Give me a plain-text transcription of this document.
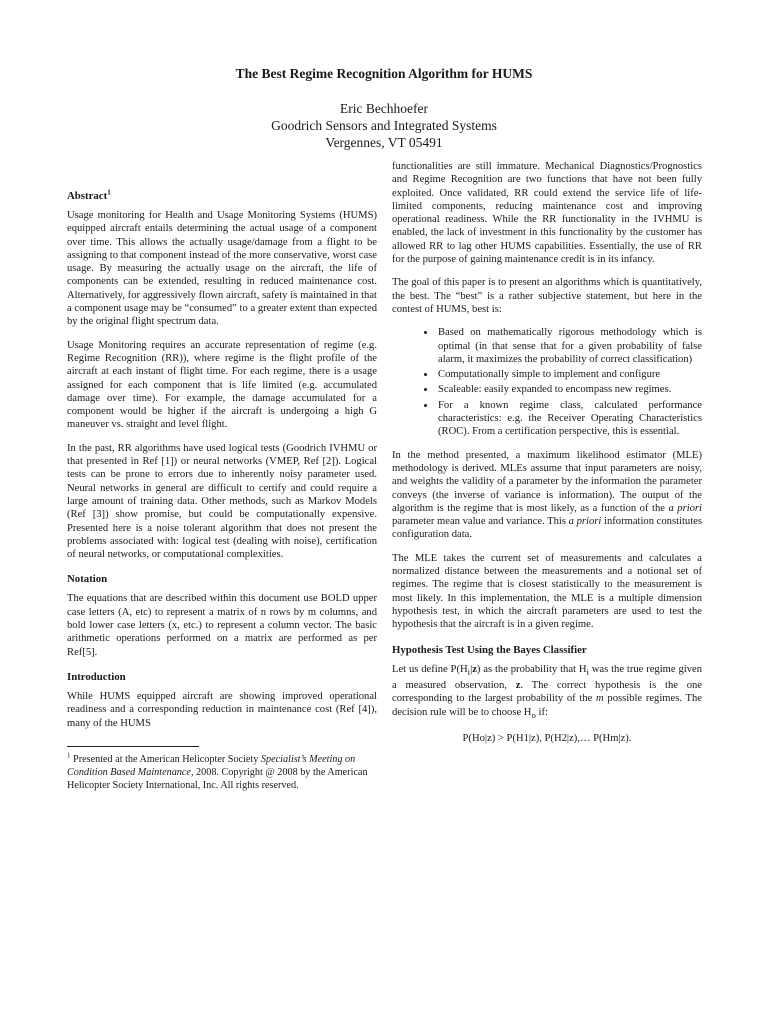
The Best Regime Recognition Algorithm for HUMS
Eric Bechhoefer
Goodrich Sensors and Integrated Systems
Vergennes, VT 05491
Abstract$^1$

Usage monitoring for Health and Usage Monitoring Systems (HUMS) equipped aircraft entails determining the actual usage of a component over time. This allows the actually usage/damage from a flight to be assigning to that component instead of the more conservative, worst case usage. By measuring the actually usage on the aircraft, the life of components can be extended, resulting in reduced maintenance cost. Alternatively, for aggressively flown aircraft, safety is maintained in that a component usage may be “consumed” to a greater extent than expected by the original flight spectrum data.

Usage Monitoring requires an accurate representation of regime (e.g. Regime Recognition (RR)), where regime is the flight profile of the aircraft at each instant of flight time. For each regime, there is a usage assigned for each component that is life limited (e.g. accumulated damage over time). For example, the damage accumulated for a component would be higher if the aircraft is undergoing a high G maneuver vs. straight and level flight.

In the past, RR algorithms have used logical tests (Goodrich IVHMU or that presented in Ref [1]) or neural networks (VMEP, Ref [2]). Logical tests can be prone to errors due to inherently noisy parameter used. Neural networks in general are difficult to certify and could require a large amount of training data. Other methods, such as Markov Models (Ref [3]) show promise, but could be computationally expensive. Presented here is a noise tolerant algorithm that does not present the problems associated with: logical test (dealing with noise), certification of neural networks, or computational complexities.

Notation

The equations that are described within this document use BOLD upper case letters (A, etc) to represent a matrix of n rows by m columns, and bold lower case letters (x, etc.) to represent a column vector. The basic arithmetic operations performed on a matrix are performed as per Ref[5].

Introduction

While HUMS equipped aircraft are showing improved operational readiness and a corresponding reduction in maintenance cost (Ref [4]), many of the HUMS

$^1$ Presented at the American Helicopter Society Specialist’s Meeting on Condition Based Maintenance, 2008. Copyright @ 2008 by the American Helicopter Society International, Inc. All rights reserved.

functionalities are still immature. Mechanical Diagnostics/Prognostics and Regime Recognition are two functions that have not been fully exploited. Once validated, RR could extend the service life of life-limited components, reducing maintenance cost and improving operational readiness. While the RR functionality in the IVHMU is enabled, the lack of investment in this functionality by the customer has allowed RR to lag other HUMS capabilities. Essentially, the use of RR for the purpose of gaining maintenance credit is in its infancy.

The goal of this paper is to present an algorithms which is quantitatively, the best. The “best” is a rather subjective statement, but here in the contest of HUMS, best is:

• Based on mathematically rigorous methodology which is optimal (in that sense that for a given probability of false alarm, it maximizes the probability of correct classification)
• Computationally simple to implement and configure
• Scaleable: easily expanded to encompass new regimes.
• For a known regime class, calculated performance characteristics: e.g. the Receiver Operating Characteristics (ROC). From a certification perspective, this is essential.

In the method presented, a maximum likelihood estimator (MLE) methodology is derived. MLEs assume that input parameters are noisy, and weights the validity of a parameter by the information the parameter conveys (the inverse of variance is information). The output of the algorithm is the regime that is most likely, as a function of the a priori parameter mean value and variance. This a priori information constitutes configuration data.

The MLE takes the current set of measurements and calculates a normalized distance between the measurements and a notional set of regimes. The regime that is closest statistically to the measurement is most likely. In this implementation, the MLE is a multiple dimension hypothesis test, in which the aircraft parameters are used to test the hypothesis that the aircraft is in a given regime.

Hypothesis Test Using the Bayes Classifier

Let us define $P(H_i|z)$ as the probability that $H_i$ was the true regime given a measured observation, z. The correct hypothesis is the one corresponding to the largest probability of the m possible regimes. The decision rule will be to choose $H_o$ if:

P(Ho|z) > P(H1|z), P(H2|z),… P(Hm|z).
